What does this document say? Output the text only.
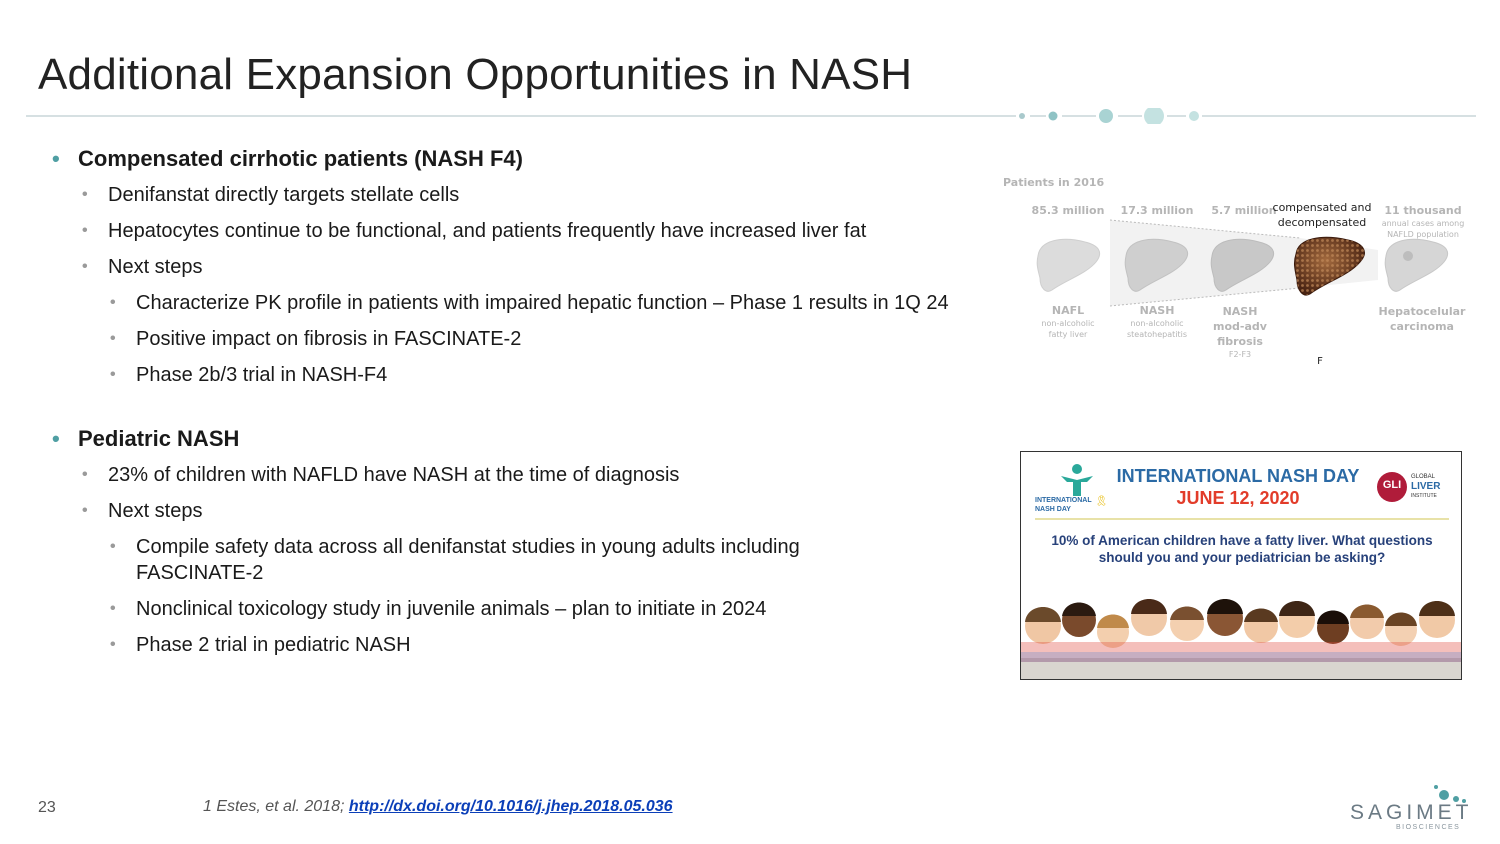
Additional Expansion Opportunities in NASH
• Compensated cirrhotic patients (NASH F4)
• Denifanstat directly targets stellate cells
• Hepatocytes continue to be functional, and patients frequently have increased liver fat
• Next steps
• Characterize PK profile in patients with impaired hepatic function – Phase 1 results in 1Q 24
• Positive impact on fibrosis in FASCINATE-2
• Phase 2b/3 trial in NASH-F4
• Pediatric NASH
• 23% of children with NAFLD have NASH at the time of diagnosis
• Next steps
• Compile safety data across all denifanstat studies in young adults including FASCINATE-2
• Nonclinical toxicology study in juvenile animals – plan to initiate in 2024
• Phase 2 trial in pediatric NASH
Patients in 2016
85.3 million	17.3 million	5.7 million
compensated and decompensated
11 thousand
annual cases among NAFLD population
NAFL
non-alcoholic fatty liver
NASH
non-alcoholic steatohepatitis
NASH mod-adv fibrosis
F2-F3
F
Hepatocelular carcinoma
INTERNATIONAL NASH DAY
🎗
INTERNATIONAL NASH DAY
JUNE 12, 2020
GLI
GLOBAL
LIVER
INSTITUTE
10% of American children have a fatty liver. What questions should you and your pediatrician be asking?
23	1 Estes, et al. 2018; http://dx.doi.org/10.1016/j.jhep.2018.05.036	SAGIMET
BIOSCIENCES
